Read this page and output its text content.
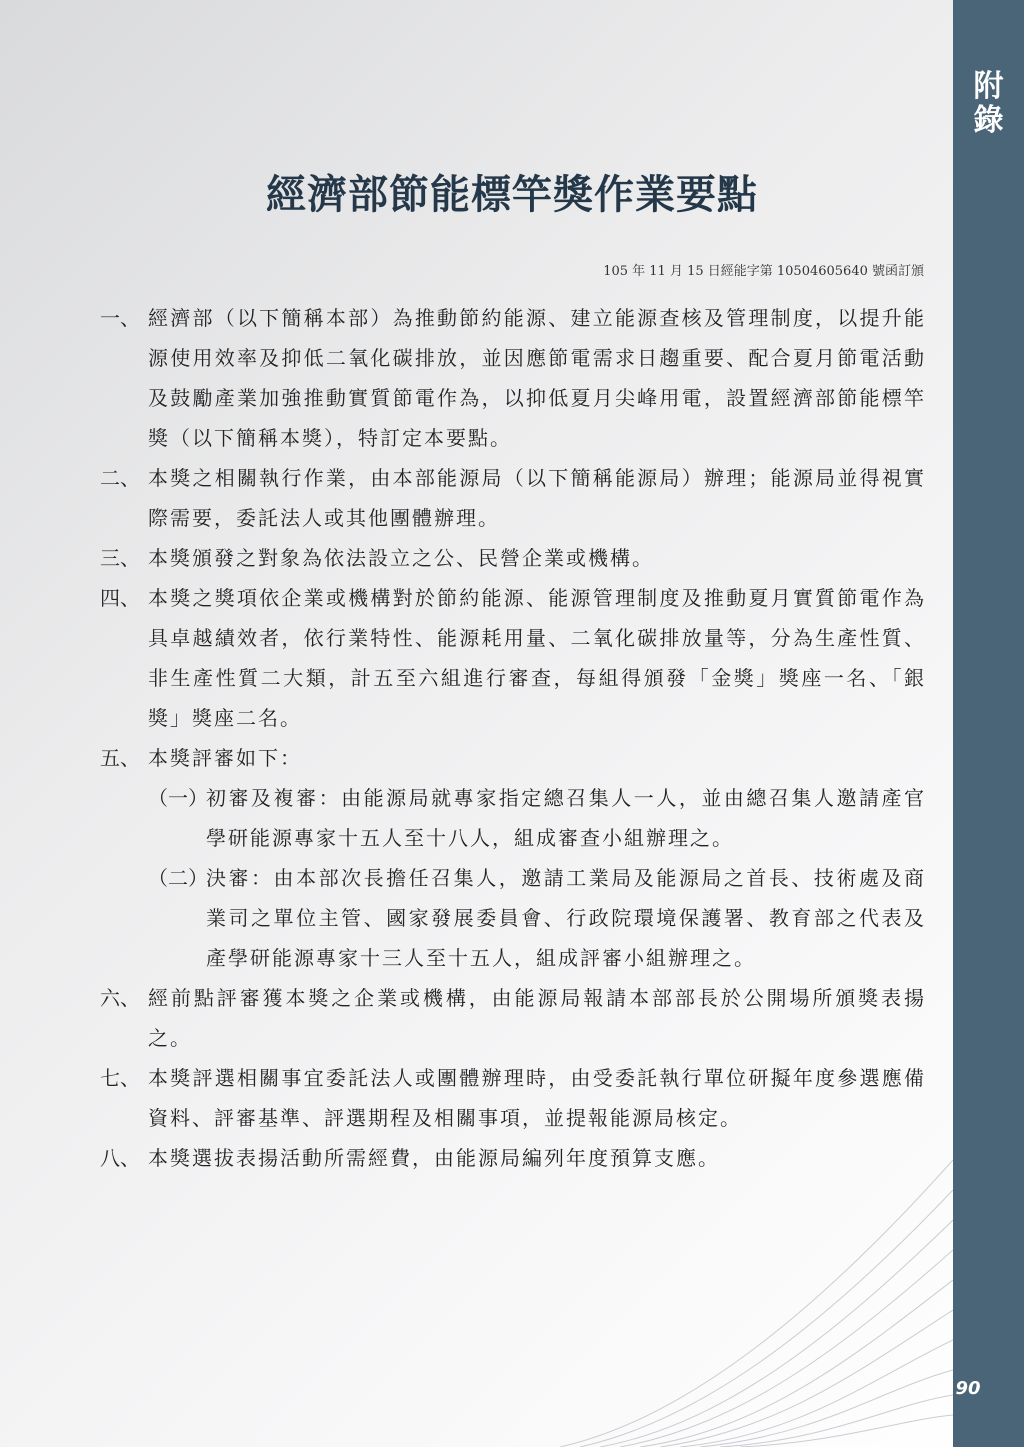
附
錄
90
經濟部節能標竿獎作業要點
105 年 11 月 15 日經能字第 10504605640 號函訂頒
一、 經濟部（以下簡稱本部）為推動節約能源、建立能源查核及管理制度，以提升能源使用效率及抑低二氧化碳排放，並因應節電需求日趨重要、配合夏月節電活動及鼓勵產業加強推動實質節電作為，以抑低夏月尖峰用電，設置經濟部節能標竿獎（以下簡稱本獎），特訂定本要點。
二、 本獎之相關執行作業，由本部能源局（以下簡稱能源局）辦理；能源局並得視實際需要，委託法人或其他團體辦理。
三、 本獎頒發之對象為依法設立之公、民營企業或機構。
四、 本獎之獎項依企業或機構對於節約能源、能源管理制度及推動夏月實質節電作為具卓越績效者，依行業特性、能源耗用量、二氧化碳排放量等，分為生產性質、非生產性質二大類，計五至六組進行審查，每組得頒發「金獎」獎座一名、「銀獎」獎座二名。
五、 本獎評審如下：
（一）
初審及複審：由能源局就專家指定總召集人一人，並由總召集人邀請產官學研能源專家十五人至十八人，組成審查小組辦理之。
（二）
決審：由本部次長擔任召集人，邀請工業局及能源局之首長、技術處及商業司之單位主管、國家發展委員會、行政院環境保護署、教育部之代表及產學研能源專家十三人至十五人，組成評審小組辦理之。
六、 經前點評審獲本獎之企業或機構，由能源局報請本部部長於公開場所頒獎表揚之。
七、 本獎評選相關事宜委託法人或團體辦理時，由受委託執行單位研擬年度參選應備資料、評審基準、評選期程及相關事項，並提報能源局核定。
八、 本獎選拔表揚活動所需經費，由能源局編列年度預算支應。
